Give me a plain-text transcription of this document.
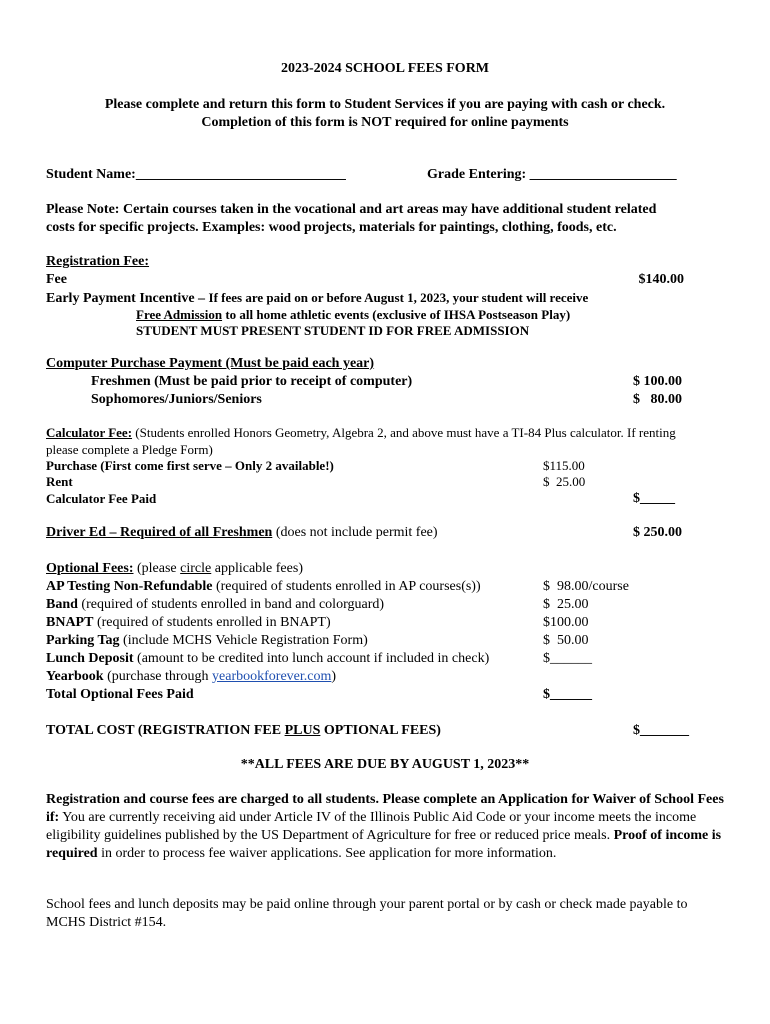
2023-2024 SCHOOL FEES FORM
Please complete and return this form to Student Services if you are paying with cash or check.
Completion of this form is NOT required for online payments
Student Name:______________________________	Grade Entering: _____________________
Please Note: Certain courses taken in the vocational and art areas may have additional student related
costs for specific projects. Examples: wood projects, materials for paintings, clothing, foods, etc.
Registration Fee:
Fee	$140.00
Early Payment Incentive – If fees are paid on or before August 1, 2023, your student will receive
Free Admission to all home athletic events (exclusive of IHSA Postseason Play)
STUDENT MUST PRESENT STUDENT ID FOR FREE ADMISSION
Computer Purchase Payment (Must be paid each year)
Freshmen (Must be paid prior to receipt of computer)	$ 100.00
Sophomores/Juniors/Seniors	$   80.00
Calculator Fee: (Students enrolled Honors Geometry, Algebra 2, and above must have a TI-84 Plus calculator. If renting
please complete a Pledge Form)
Purchase (First come first serve – Only 2 available!)	$115.00
Rent	$  25.00
Calculator Fee Paid	$_____
Driver Ed – Required of all Freshmen (does not include permit fee)	$ 250.00
Optional Fees: (please circle applicable fees)
AP Testing Non-Refundable (required of students enrolled in AP courses(s))	$  98.00/course
Band (required of students enrolled in band and colorguard)	$  25.00
BNAPT (required of students enrolled in BNAPT)	$100.00
Parking Tag (include MCHS Vehicle Registration Form)	$  50.00
Lunch Deposit (amount to be credited into lunch account if included in check)	$______
Yearbook (purchase through yearbookforever.com)
Total Optional Fees Paid	$______
TOTAL COST (REGISTRATION FEE PLUS OPTIONAL FEES)	$_______
**ALL FEES ARE DUE BY AUGUST 1, 2023**
Registration and course fees are charged to all students. Please complete an Application for Waiver of School Fees if: You are currently receiving aid under Article IV of the Illinois Public Aid Code or your income meets the income eligibility guidelines published by the US Department of Agriculture for free or reduced price meals. Proof of income is required in order to process fee waiver applications. See application for more information.
School fees and lunch deposits may be paid online through your parent portal or by cash or check made payable to MCHS District #154.
